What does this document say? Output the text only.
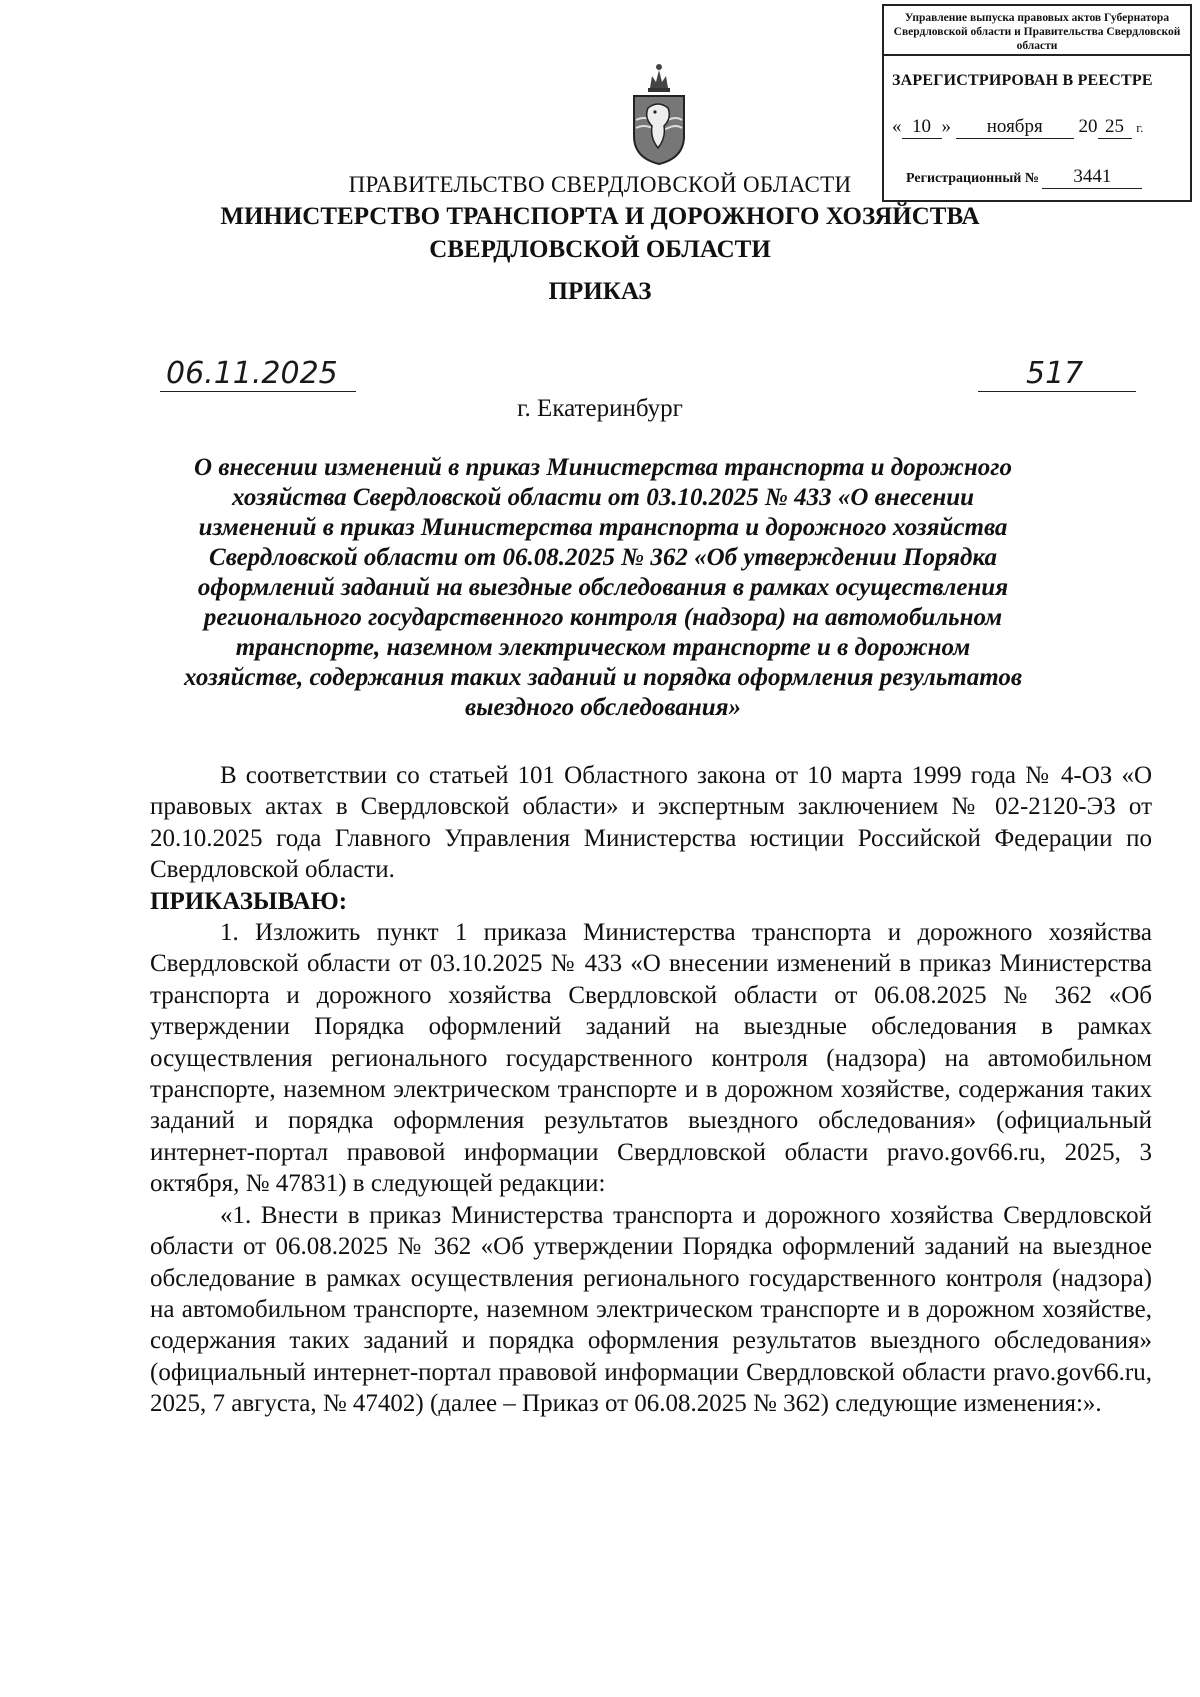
Управление выпуска правовых актов Губернатора Свердловской области и Правительства Свердловской области
ЗАРЕГИСТРИРОВАН В РЕЕСТРЕ
« 10 » ноября 20 25 г.
Регистрационный № 3441
ПРАВИТЕЛЬСТВО СВЕРДЛОВСКОЙ ОБЛАСТИ
МИНИСТЕРСТВО ТРАНСПОРТА И ДОРОЖНОГО ХОЗЯЙСТВА
СВЕРДЛОВСКОЙ ОБЛАСТИ
ПРИКАЗ
06.11.2025	517
г. Екатеринбург
О внесении изменений в приказ Министерства транспорта и дорожного хозяйства Свердловской области от 03.10.2025 № 433 «О внесении изменений в приказ Министерства транспорта и дорожного хозяйства Свердловской области от 06.08.2025 № 362 «Об утверждении Порядка оформлений заданий на выездные обследования в рамках осуществления регионального государственного контроля (надзора) на автомобильном транспорте, наземном электрическом транспорте и в дорожном хозяйстве, содержания таких заданий и порядка оформления результатов выездного обследования»

В соответствии со статьей 101 Областного закона от 10 марта 1999 года № 4-ОЗ «О правовых актах в Свердловской области» и экспертным заключением № 02-2120-ЭЗ от 20.10.2025 года Главного Управления Министерства юстиции Российской Федерации по Свердловской области.

ПРИКАЗЫВАЮ:

1. Изложить пункт 1 приказа Министерства транспорта и дорожного хозяйства Свердловской области от 03.10.2025 № 433 «О внесении изменений в приказ Министерства транспорта и дорожного хозяйства Свердловской области от 06.08.2025 № 362 «Об утверждении Порядка оформлений заданий на выездные обследования в рамках осуществления регионального государственного контроля (надзора) на автомобильном транспорте, наземном электрическом транспорте и в дорожном хозяйстве, содержания таких заданий и порядка оформления результатов выездного обследования» (официальный интернет-портал правовой информации Свердловской области pravo.gov66.ru, 2025, 3 октября, № 47831) в следующей редакции:

«1. Внести в приказ Министерства транспорта и дорожного хозяйства Свердловской области от 06.08.2025 № 362 «Об утверждении Порядка оформлений заданий на выездное обследование в рамках осуществления регионального государственного контроля (надзора) на автомобильном транспорте, наземном электрическом транспорте и в дорожном хозяйстве, содержания таких заданий и порядка оформления результатов выездного обследования» (официальный интернет-портал правовой информации Свердловской области pravo.gov66.ru, 2025, 7 августа, № 47402) (далее – Приказ от 06.08.2025 № 362) следующие изменения:».
